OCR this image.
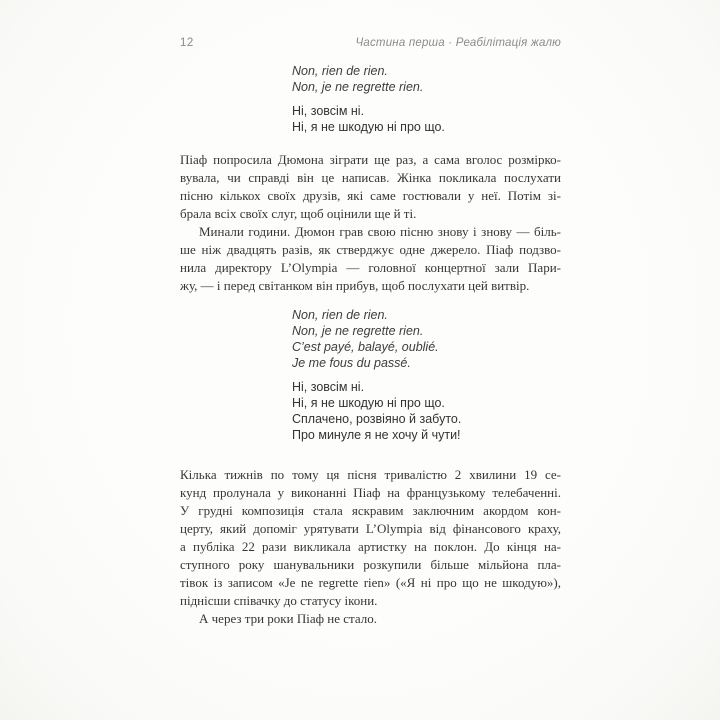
12	Частина перша · Реабілітація жалю
Non, rien de rien.
Non, je ne regrette rien.
Ні, зовсім ні.
Ні, я не шкодую ні про що.
Піаф попросила Дюмона зіграти ще раз, а сама вголос розмірко-
вувала, чи справді він це написав. Жінка покликала послухати
пісню кількох своїх друзів, які саме гостювали у неї. Потім зі-
брала всіх своїх слуг, щоб оцінили ще й ті.
Минали години. Дюмон грав свою пісню знову і знову — біль-
ше ніж двадцять разів, як стверджує одне джерело. Піаф подзво-
нила директору L’Olympia — головної концертної зали Пари-
жу, — і перед світанком він прибув, щоб послухати цей витвір.
Non, rien de rien.
Non, je ne regrette rien.
C’est payé, balayé, oublié.
Je me fous du passé.
Ні, зовсім ні.
Ні, я не шкодую ні про що.
Сплачено, розвіяно й забуто.
Про минуле я не хочу й чути!
Кілька тижнів по тому ця пісня тривалістю 2 хвилини 19 се-
кунд пролунала у виконанні Піаф на французькому телебаченні.
У грудні композиція стала яскравим заключним акордом кон-
церту, який допоміг урятувати L’Olympia від фінансового краху,
а публіка 22 рази викликала артистку на поклон. До кінця на-
ступного року шанувальники розкупили більше мільйона пла-
тівок із записом «Je ne regrette rien» («Я ні про що не шкодую»),
піднісши співачку до статусу ікони.
А через три роки Піаф не стало.
